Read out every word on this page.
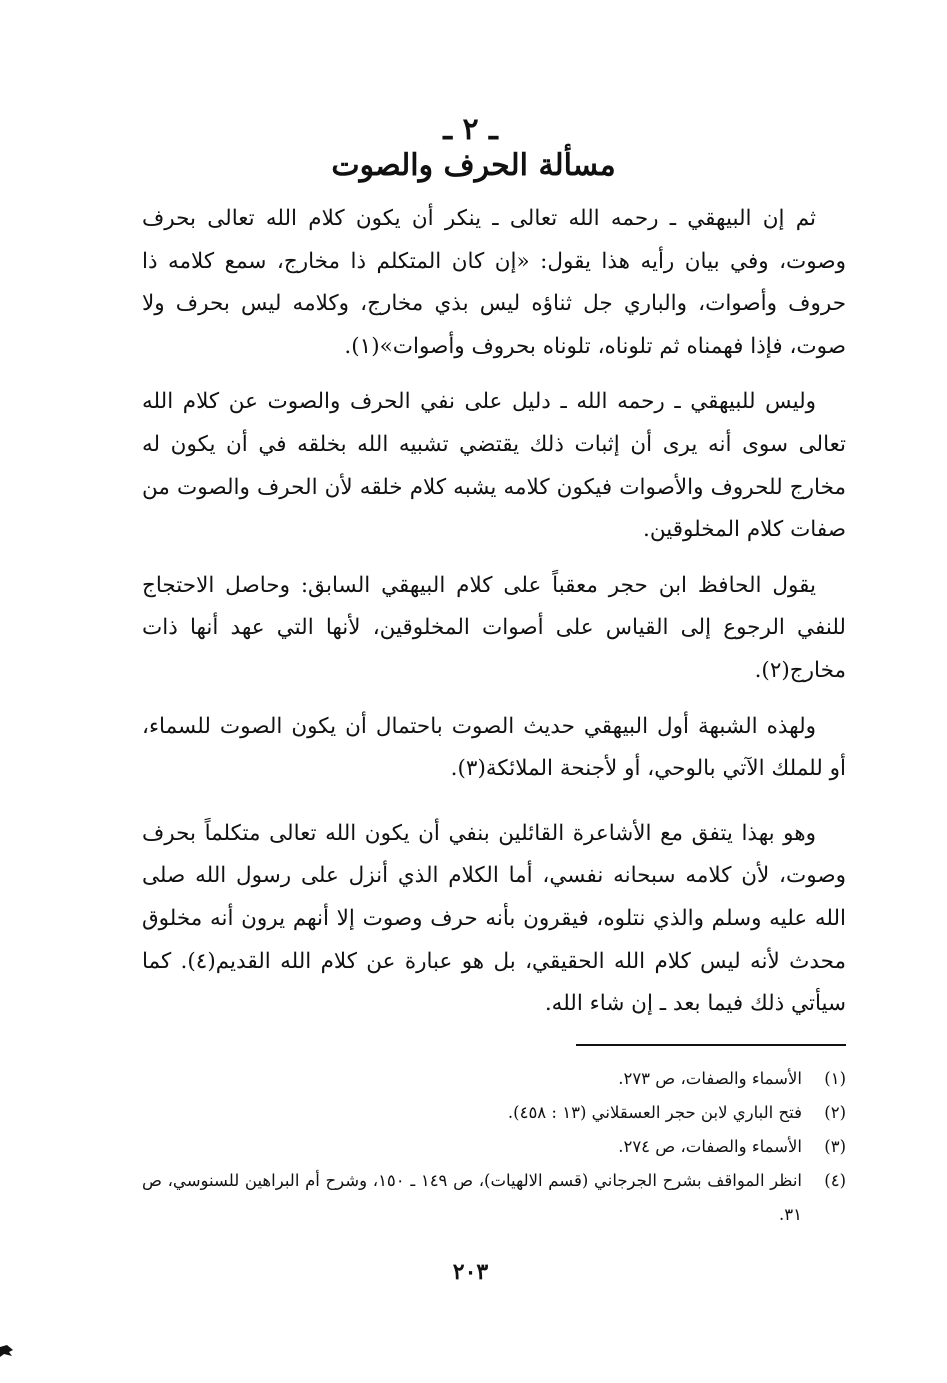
ـ ٢ ـ
مسألة الحرف والصوت

ثم إن البيهقي ـ رحمه الله تعالى ـ ينكر أن يكون كلام الله تعالى بحرف وصوت، وفي بيان رأيه هذا يقول: «إن كان المتكلم ذا مخارج، سمع كلامه ذا حروف وأصوات، والباري جل ثناؤه ليس بذي مخارج، وكلامه ليس بحرف ولا صوت، فإذا فهمناه ثم تلوناه، تلوناه بحروف وأصوات»(١).

وليس للبيهقي ـ رحمه الله ـ دليل على نفي الحرف والصوت عن كلام الله تعالى سوى أنه يرى أن إثبات ذلك يقتضي تشبيه الله بخلقه في أن يكون له مخارج للحروف والأصوات فيكون كلامه يشبه كلام خلقه لأن الحرف والصوت من صفات كلام المخلوقين.

يقول الحافظ ابن حجر معقباً على كلام البيهقي السابق: وحاصل الاحتجاج للنفي الرجوع إلى القياس على أصوات المخلوقين، لأنها التي عهد أنها ذات مخارج(٢).

ولهذه الشبهة أول البيهقي حديث الصوت باحتمال أن يكون الصوت للسماء، أو للملك الآتي بالوحي، أو لأجنحة الملائكة(٣).

وهو بهذا يتفق مع الأشاعرة القائلين بنفي أن يكون الله تعالى متكلماً بحرف وصوت، لأن كلامه سبحانه نفسي، أما الكلام الذي أنزل على رسول الله صلى الله عليه وسلم والذي نتلوه، فيقرون بأنه حرف وصوت إلا أنهم يرون أنه مخلوق محدث لأنه ليس كلام الله الحقيقي، بل هو عبارة عن كلام الله القديم(٤). كما سيأتي ذلك فيما بعد ـ إن شاء الله.

(١)
الأسماء والصفات، ص ٢٧٣.
(٢)
فتح الباري لابن حجر العسقلاني (١٣ : ٤٥٨).
(٣)
الأسماء والصفات، ص ٢٧٤.
(٤)
انظر المواقف بشرح الجرجاني (قسم الالهيات)، ص ١٤٩ ـ ١٥٠، وشرح أم البراهين للسنوسي، ص ٣١.
٢٠٣
